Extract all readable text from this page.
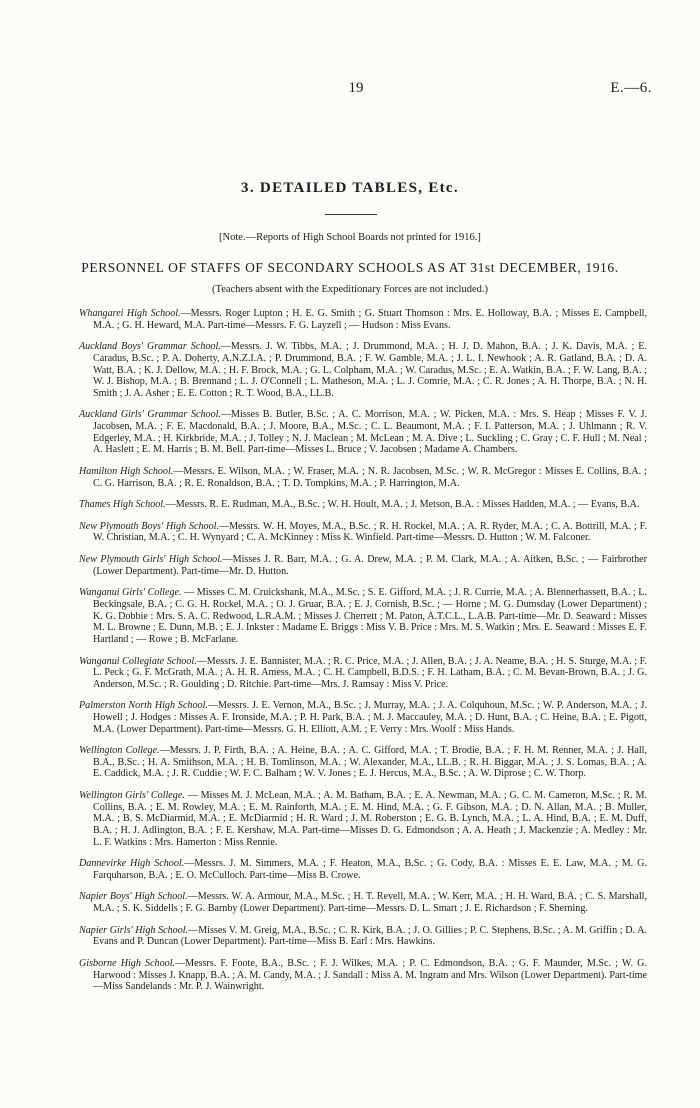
19	E.—6.
3. DETAILED TABLES, Etc.
[Note.—Reports of High School Boards not printed for 1916.]
PERSONNEL OF STAFFS OF SECONDARY SCHOOLS AS AT 31st DECEMBER, 1916.
(Teachers absent with the Expeditionary Forces are not included.)

Whangarei High School.—Messrs. Roger Lupton ; H. E. G. Smith ; G. Stuart Thomson : Mrs. E. Holloway, B.A. ; Misses E. Campbell, M.A. ; G. H. Heward, M.A. Part-time—Messrs. F. G. Layzell ; — Hudson : Miss Evans.

Auckland Boys' Grammar School.—Messrs. J. W. Tibbs, M.A. ; J. Drummond, M.A. ; H. J. D. Mahon, B.A. ; J. K. Davis, M.A. ; E. Caradus, B.Sc. ; P. A. Doherty, A.N.Z.I.A. ; P. Drummond, B.A. ; F. W. Gamble, M.A. ; J. L. I. Newhook ; A. R. Gatland, B.A. ; D. A. Watt, B.A. ; K. J. Dellow, M.A. ; H. F. Brock, M.A. ; G. L. Colpham, M.A. ; W. Caradus, M.Sc. ; E. A. Watkin, B.A. ; F. W. Lang, B.A. ; W. J. Bishop, M.A. ; B. Brennand ; L. J. O'Connell ; L. Matheson, M.A. ; L. J. Comrie, M.A. ; C. R. Jones ; A. H. Thorpe, B.A. ; N. H. Smith ; J. A. Asher ; E. E. Cotton ; R. T. Wood, B.A., LL.B.

Auckland Girls' Grammar School.—Misses B. Butler, B.Sc. ; A. C. Morrison, M.A. ; W. Picken, M.A. : Mrs. S. Heap ; Misses F. V. J. Jacobsen, M.A. ; F. E. Macdonald, B.A. ; J. Moore, B.A., M.Sc. ; C. L. Beaumont, M.A. ; F. I. Patterson, M.A. ; J. Uhlmann ; R. V. Edgerley, M.A. ; H. Kirkbride, M.A. ; J. Tolley ; N. J. Maclean ; M. McLean ; M. A. Dive ; L. Suckling ; C. Gray ; C. F. Hull ; M. Neal ; A. Haslett ; E. M. Harris ; B. M. Bell. Part-time—Misses L. Bruce ; V. Jacobsen ; Madame A. Chambers.

Hamilton High School.—Messrs. E. Wilson, M.A. ; W. Fraser, M.A. ; N. R. Jacobsen, M.Sc. ; W. R. McGregor : Misses E. Collins, B.A. ; C. G. Harrison, B.A. ; R. E. Ronaldson, B.A. ; T. D. Tompkins, M.A. ; P. Harrington, M.A.

Thames High School.—Messrs. R. E. Rudman, M.A., B.Sc. ; W. H. Hoult, M.A. ; J. Metson, B.A. : Misses Hadden, M.A. ; — Evans, B.A.

New Plymouth Boys' High School.—Messrs. W. H. Moyes, M.A., B.Sc. ; R. H. Rockel, M.A. ; A. R. Ryder, M.A. ; C. A. Bottrill, M.A. ; F. W. Christian, M.A. ; C. H. Wynyard ; C. A. McKinney : Miss K. Winfield. Part-time—Messrs. D. Hutton ; W. M. Falconer.

New Plymouth Girls' High School.—Misses J. R. Barr, M.A. ; G. A. Drew, M.A. ; P. M. Clark, M.A. ; A. Aitken, B.Sc. ; — Fairbrother (Lower Department). Part-time—Mr. D. Hutton.

Wanganui Girls' College. — Misses C. M. Cruickshank, M.A., M.Sc. ; S. E. Gifford, M.A. ; J. R. Currie, M.A. ; A. Blennerhassett, B.A. ; L. Beckingsale, B.A. ; C. G. H. Rockel, M.A. ; O. J. Gruar, B.A. ; E. J. Cornish, B.Sc. ; — Horne ; M. G. Dumsday (Lower Department) ; K. G. Dobbie : Mrs. S. A. C. Redwood, L.R.A.M. ; Misses J. Cherrett ; M. Paton, A.T.C.L., L.A.B. Part-time—Mr. D. Seaward : Misses M. L. Browne ; E. Dunn, M.B. ; E. J. Inkster : Madame E. Briggs : Miss V. B. Price : Mrs. M. S. Watkin ; Mrs. E. Seaward : Misses E. F. Hartland ; — Rowe ; B. McFarlane.

Wanganui Collegiate School.—Messrs. J. E. Bannister, M.A. ; R. C. Price, M.A. ; J. Allen, B.A. ; J. A. Neame, B.A. ; H. S. Sturge, M.A. ; F. L. Peck ; G. F. McGrath, M.A. ; A. H. R. Amess, M.A. ; C. H. Campbell, B.D.S. ; F. H. Latham, B.A. ; C. M. Bevan-Brown, B.A. ; J. G. Anderson, M.Sc. ; R. Goulding ; D. Ritchie. Part-time—Mrs. J. Ramsay : Miss V. Price.

Palmerston North High School.—Messrs. J. E. Vernon, M.A., B.Sc. ; J. Murray, M.A. ; J. A. Colquhoun, M.Sc. ; W. P. Anderson, M.A. ; J. Howell ; J. Hodges : Misses A. F. Ironside, M.A. ; P. H. Park, B.A. ; M. J. Maccauley, M.A. ; D. Hunt, B.A. ; C. Heine, B.A. ; E. Pigott, M.A. (Lower Department). Part-time—Messrs. G. H. Elliott, A.M. ; F. Verry : Mrs. Woolf : Miss Hands.

Wellington College.—Messrs. J. P. Firth, B.A. ; A. Heine, B.A. ; A. C. Gifford, M.A. ; T. Brodie, B.A. ; F. H. M. Renner, M.A. ; J. Hall, B.A., B.Sc. ; H. A. Smithson, M.A. ; H. B. Tomlinson, M.A. ; W. Alexander, M.A., LL.B. ; R. H. Biggar, M.A. ; J. S. Lomas, B.A. ; A. E. Caddick, M.A. ; J. R. Cuddie ; W. F. C. Balham ; W. V. Jones ; E. J. Hercus, M.A., B.Sc. ; A. W. Diprose ; C. W. Thorp.

Wellington Girls' College. — Misses M. J. McLean, M.A. ; A. M. Batham, B.A. ; E. A. Newman, M.A. ; G. C. M. Cameron, M.Sc. ; R. M. Collins, B.A. ; E. M. Rowley, M.A. ; E. M. Rainforth, M.A. ; E. M. Hind, M.A. ; G. F. Gibson, M.A. ; D. N. Allan, M.A. ; B. Muller, M.A. ; B. S. McDiarmid, M.A. ; E. McDiarmid ; H. R. Ward ; J. M. Roberston ; E. G. B. Lynch, M.A. ; L. A. Hind, B.A. ; E. M. Duff, B.A. ; H. J. Adlington, B.A. ; F. E. Kershaw, M.A. Part-time—Misses D. G. Edmondson ; A. A. Heath ; J. Mackenzie ; A. Medley : Mr. L. F. Watkins : Mrs. Hamerton : Miss Rennie.

Dannevirke High School.—Messrs. J. M. Simmers, M.A. ; F. Heaton, M.A., B.Sc. ; G. Cody, B.A. : Misses E. E. Law, M.A. ; M. G. Farquharson, B.A. ; E. O. McCulloch. Part-time—Miss B. Crowe.

Napier Boys' High School.—Messrs. W. A. Armour, M.A., M.Sc. ; H. T. Revell, M.A. ; W. Kerr, M.A. ; H. H. Ward, B.A. ; C. S. Marshall, M.A. ; S. K. Siddells ; F. G. Barnby (Lower Department). Part-time—Messrs. D. L. Smart ; J. E. Richardson ; F. Sherning.

Napier Girls' High School.—Misses V. M. Greig, M.A., B.Sc. ; C. R. Kirk, B.A. ; J. O. Gillies ; P. C. Stephens, B.Sc. ; A. M. Griffin ; D. A. Evans and P. Duncan (Lower Department). Part-time—Miss B. Earl : Mrs. Hawkins.

Gisborne High School.—Messrs. F. Foote, B.A., B.Sc. ; F. J. Wilkes, M.A. ; P. C. Edmondson, B.A. ; G. F. Maunder, M.Sc. ; W. G. Harwood : Misses J. Knapp, B.A. ; A. M. Candy, M.A. ; J. Sandall : Miss A. M. Ingram and Mrs. Wilson (Lower Department). Part-time—Miss Sandelands : Mr. P. J. Wainwright.
